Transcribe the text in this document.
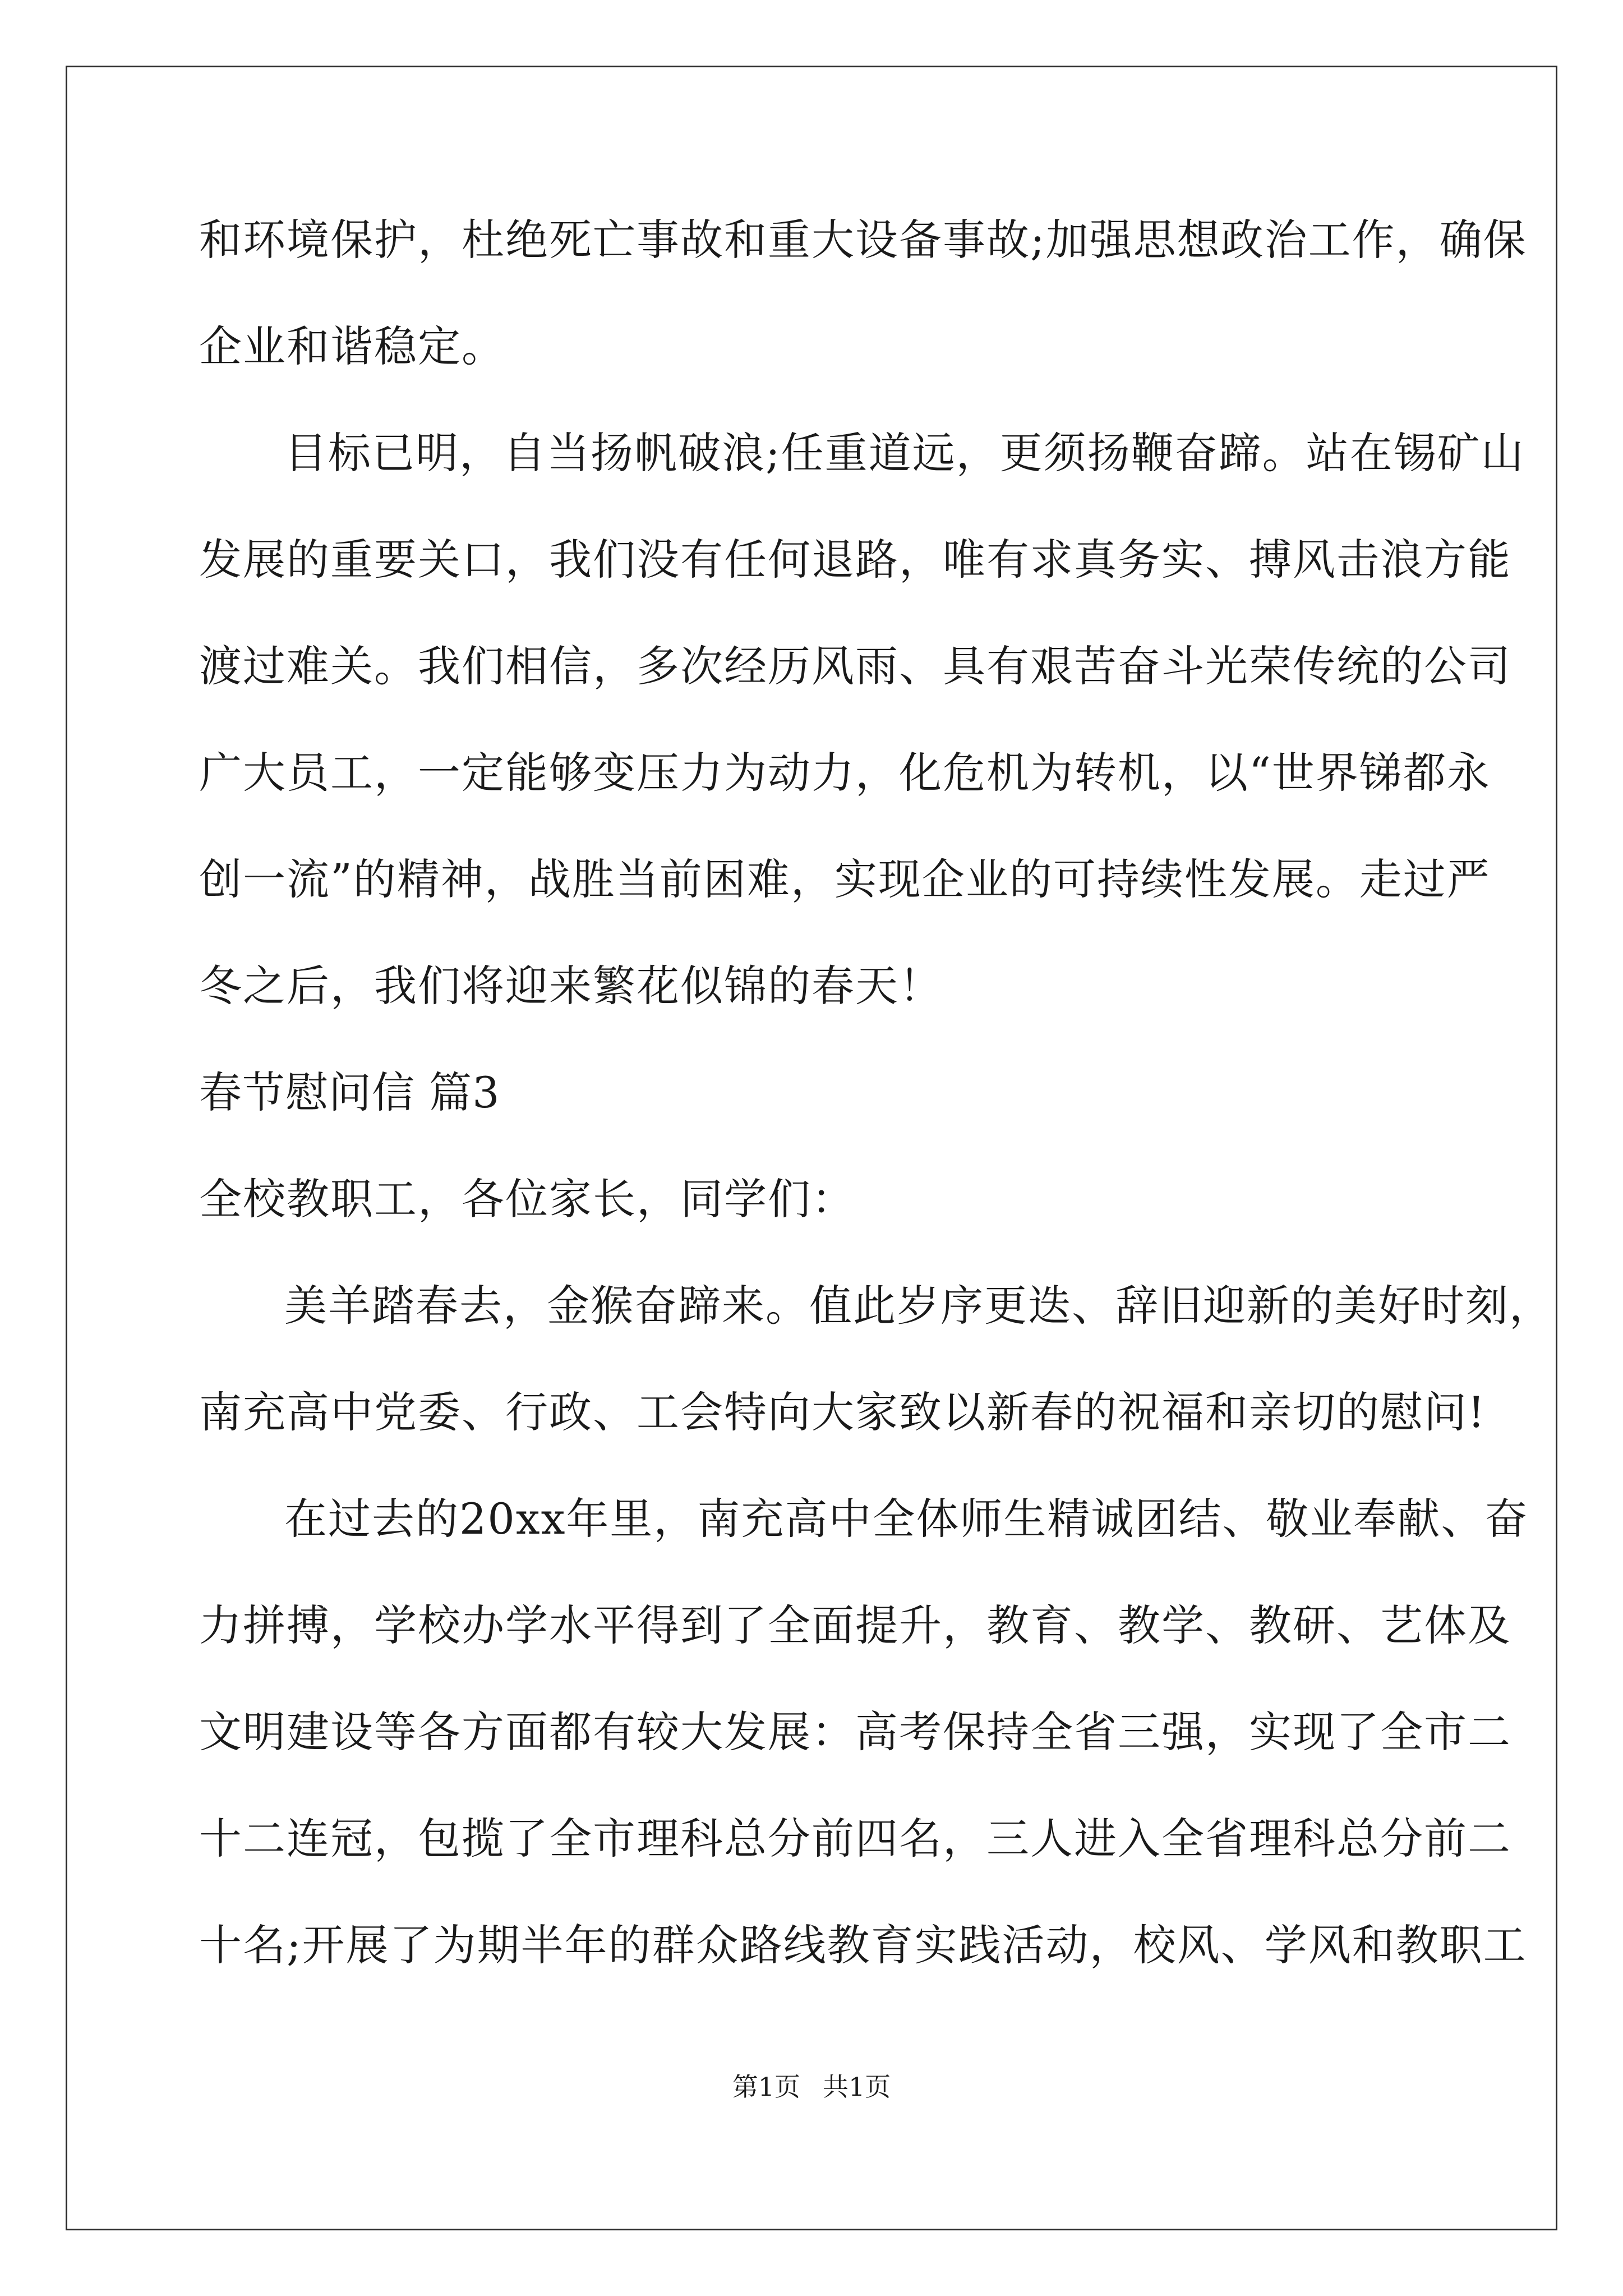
和环境保护，杜绝死亡事故和重大设备事故;加强思想政治工作，确保
企业和谐稳定。
目标已明，自当扬帆破浪;任重道远，更须扬鞭奋蹄。站在锡矿山
发展的重要关口，我们没有任何退路，唯有求真务实、搏风击浪方能
渡过难关。我们相信，多次经历风雨、具有艰苦奋斗光荣传统的公司
广大员工，一定能够变压力为动力，化危机为转机，以“世界锑都永
创一流”的精神，战胜当前困难，实现企业的可持续性发展。走过严
冬之后，我们将迎来繁花似锦的春天！
春节慰问信 篇3
全校教职工，各位家长，同学们：
美羊踏春去，金猴奋蹄来。值此岁序更迭、辞旧迎新的美好时刻，
南充高中党委、行政、工会特向大家致以新春的祝福和亲切的慰问!
在过去的20xx年里，南充高中全体师生精诚团结、敬业奉献、奋
力拼搏，学校办学水平得到了全面提升，教育、教学、教研、艺体及
文明建设等各方面都有较大发展：高考保持全省三强，实现了全市二
十二连冠，包揽了全市理科总分前四名，三人进入全省理科总分前二
十名;开展了为期半年的群众路线教育实践活动，校风、学风和教职工
第1页 共1页
